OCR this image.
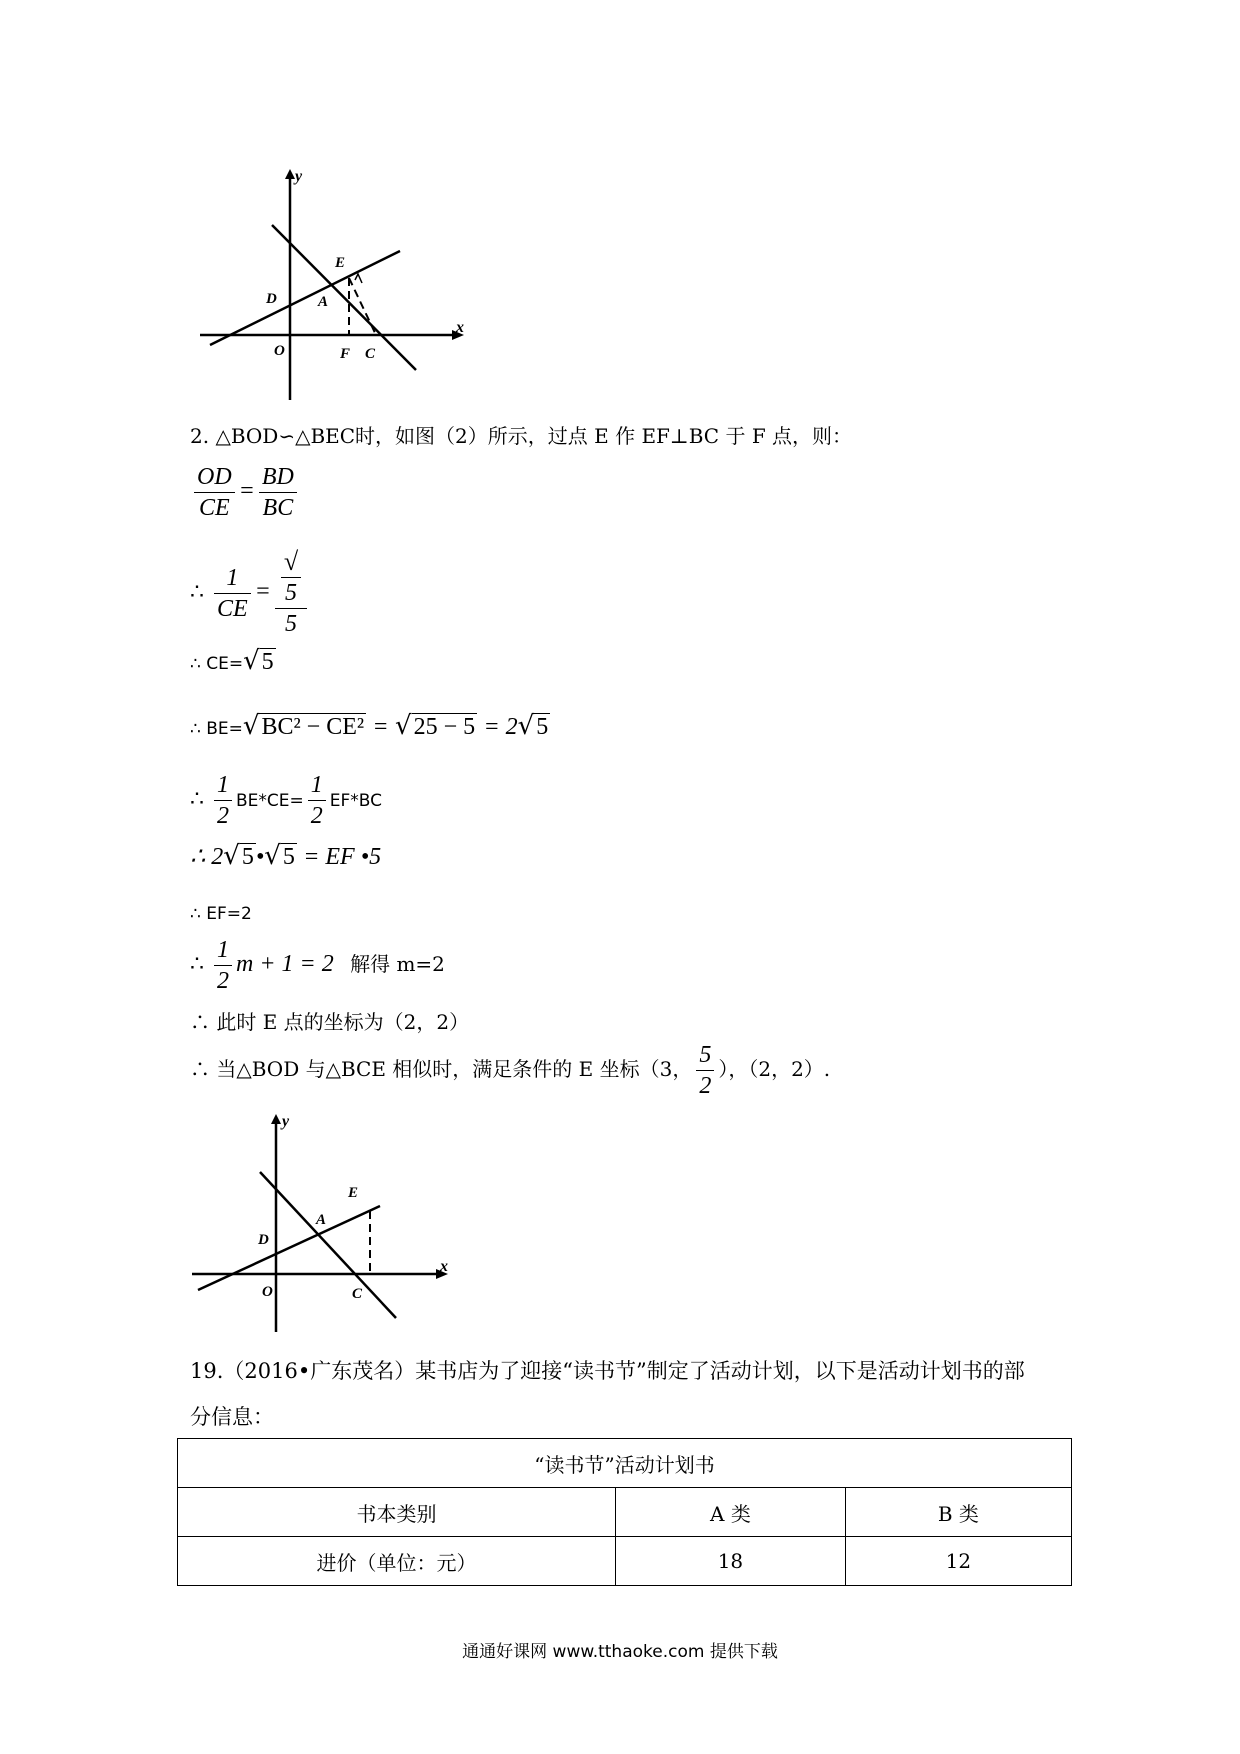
y
x
E
D	A
O	F C
2. △BOD∽△BEC时，如图（2）所示，过点 E 作 EF⊥BC 于 F 点，则：
$\frac{OD}{CE} = \frac{BD}{BC}$
∴ $\frac{1}{CE}$ = √
5
5
∴ CE=√5
∴ BE=√BC² − CE² = √25 − 5 = 2√5
∴ $\frac{1}{2} BE*CE= \frac{1}{2} EF*BC$
∴ 2√5•√5 = EF •5
∴ EF=2
∴ $\frac{1}{2}$ m + 1 = 2 解得 m=2
∴ 此时 E 点的坐标为（2，2）
∴ 当△BOD 与△BCE 相似时，满足条件的 E 坐标（3， $\frac{5}{2}$ ），（2，2）.
y
x
E
D
A
O	C
19.（2016•广东茂名）某书店为了迎接“读书节”制定了活动计划，以下是活动计划书的部
分信息：
“读书节”活动计划书		
书本类别	A 类	B 类
进价（单位：元）	18	12
通通好课网 www.tthaoke.com 提供下载
